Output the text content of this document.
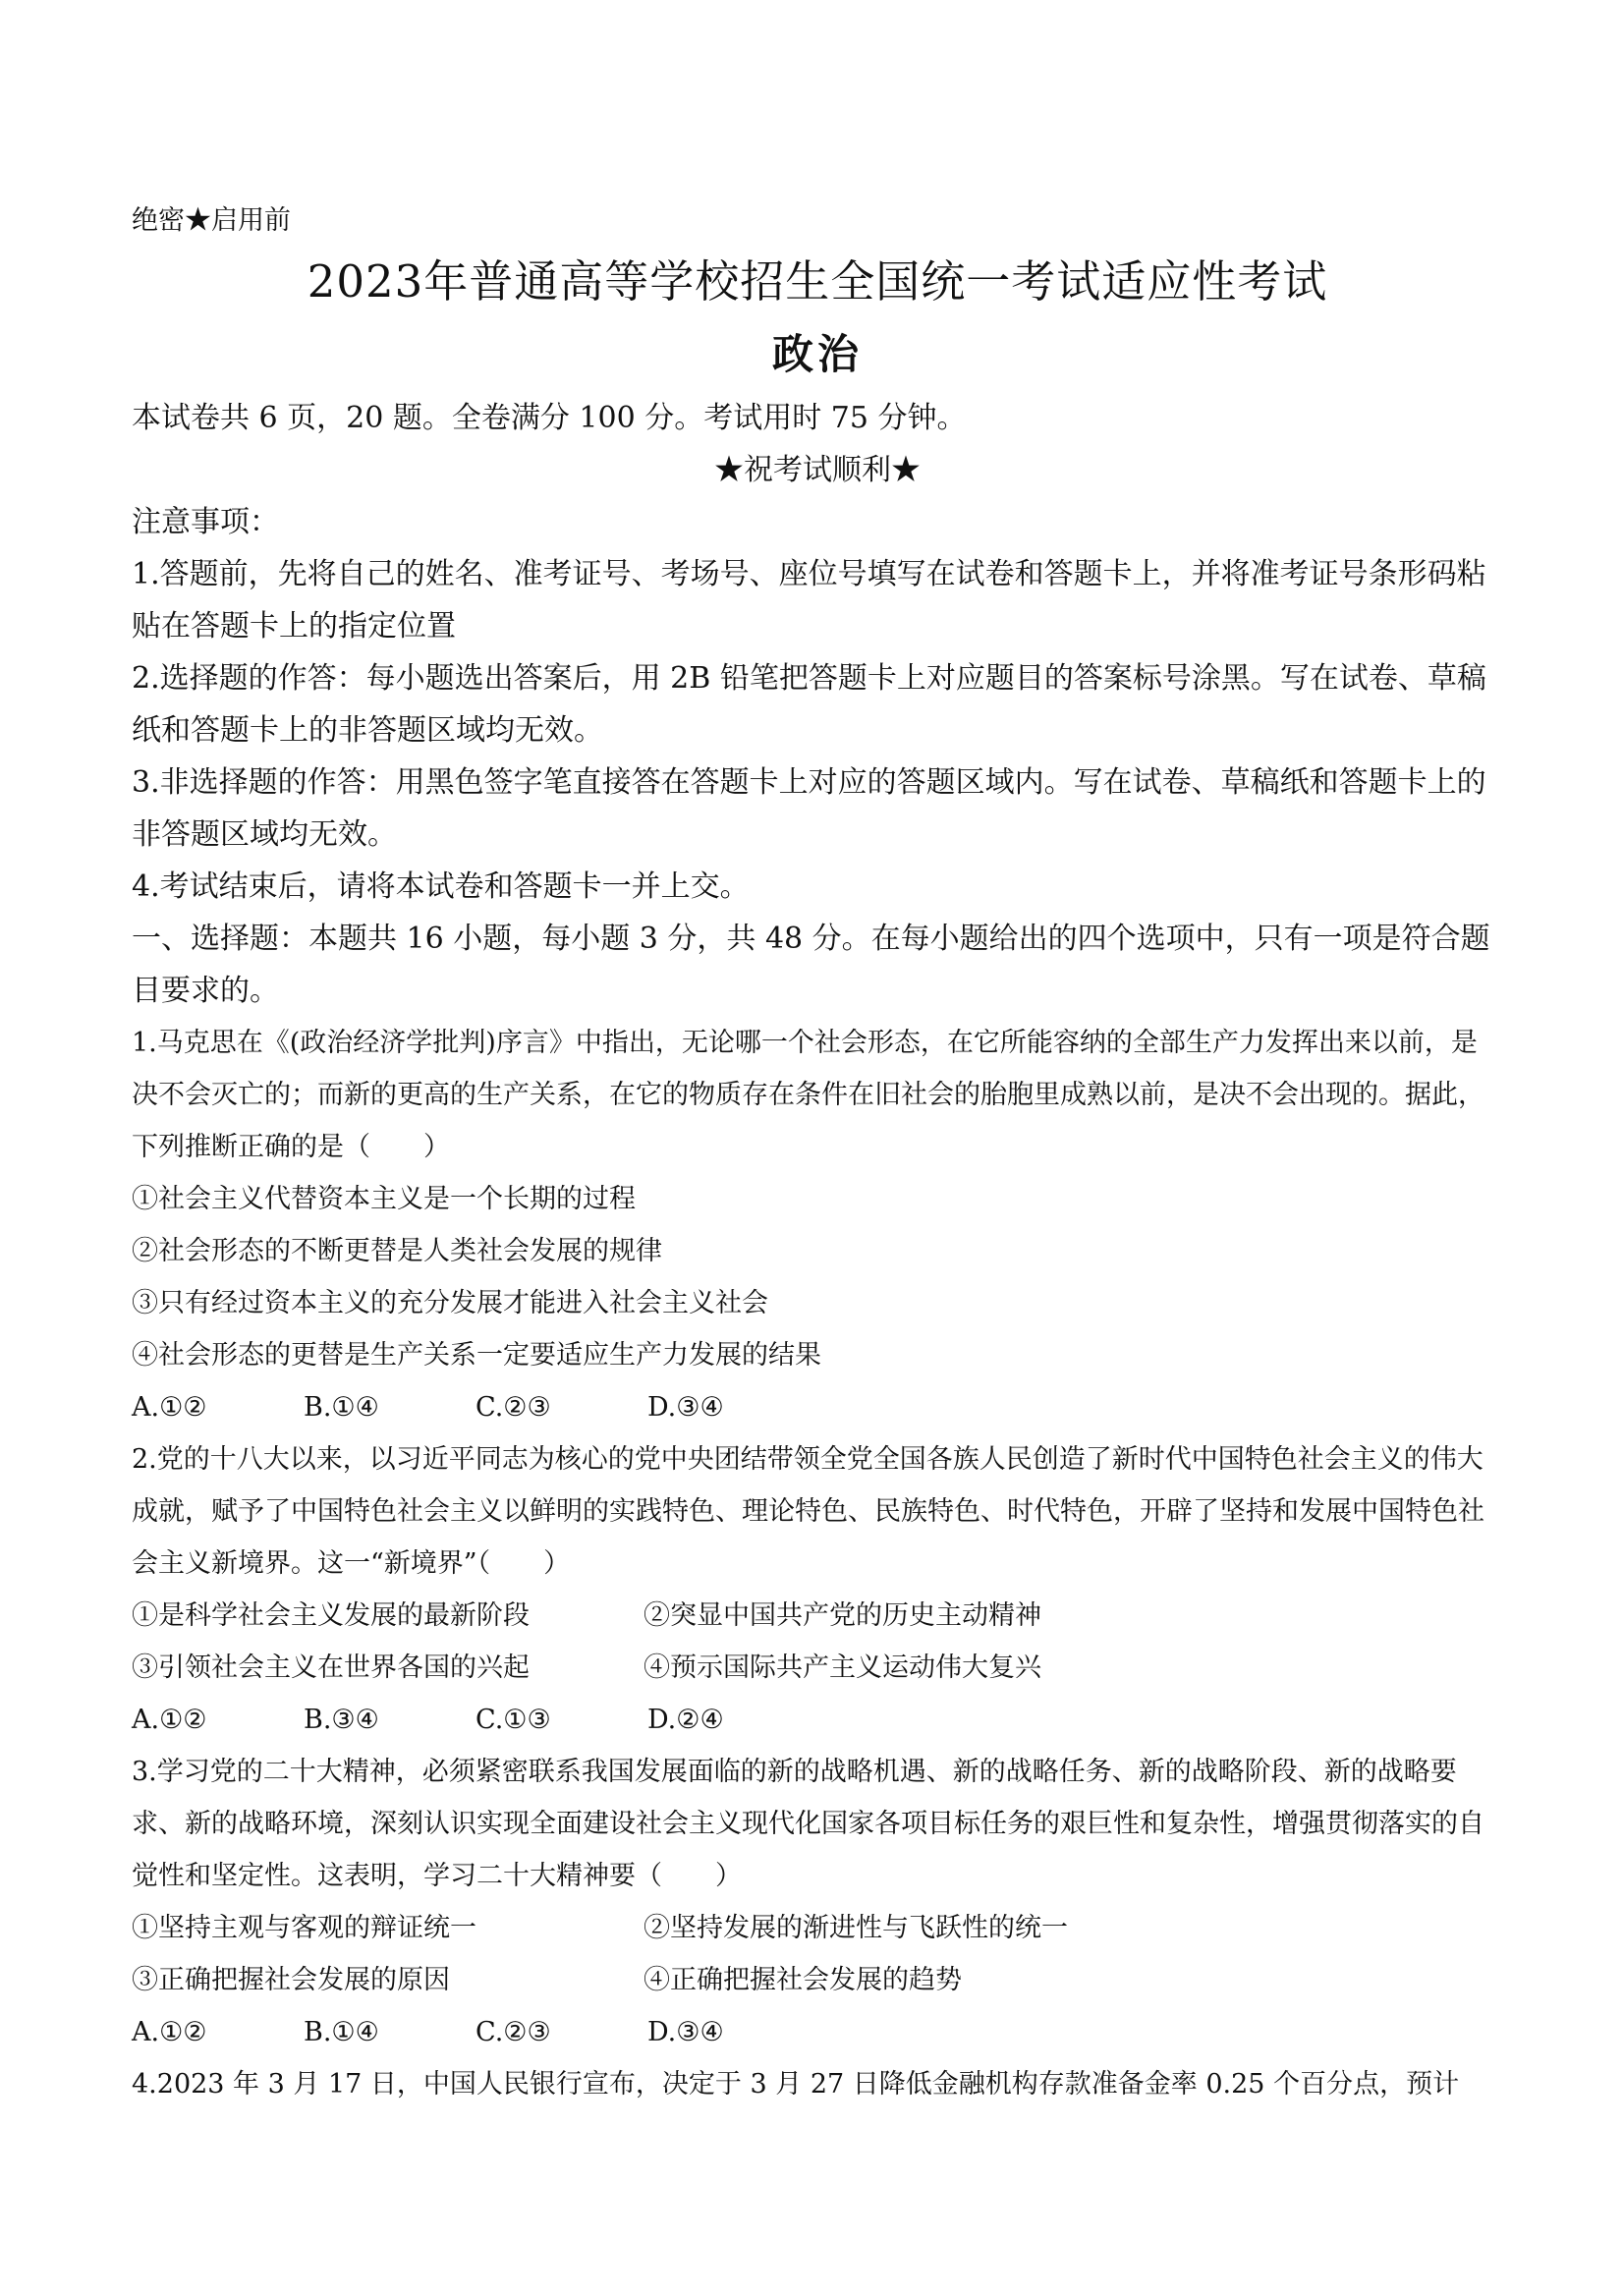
绝密★启用前

2023年普通高等学校招生全国统一考试适应性考试
政治

本试卷共 6 页，20 题。全卷满分 100 分。考试用时 75 分钟。

★祝考试顺利★

注意事项：

1.答题前，先将自己的姓名、准考证号、考场号、座位号填写在试卷和答题卡上，并将准考证号条形码粘贴在答题卡上的指定位置

2.选择题的作答：每小题选出答案后，用 2B 铅笔把答题卡上对应题目的答案标号涂黑。写在试卷、草稿纸和答题卡上的非答题区域均无效。

3.非选择题的作答：用黑色签字笔直接答在答题卡上对应的答题区域内。写在试卷、草稿纸和答题卡上的非答题区域均无效。

4.考试结束后，请将本试卷和答题卡一并上交。

一、选择题：本题共 16 小题，每小题 3 分，共 48 分。在每小题给出的四个选项中，只有一项是符合题目要求的。

1.马克思在《(政治经济学批判)序言》中指出，无论哪一个社会形态，在它所能容纳的全部生产力发挥出来以前，是决不会灭亡的；而新的更高的生产关系，在它的物质存在条件在旧社会的胎胞里成熟以前，是决不会出现的。据此，下列推断正确的是（　　）

①社会主义代替资本主义是一个长期的过程

②社会形态的不断更替是人类社会发展的规律

③只有经过资本主义的充分发展才能进入社会主义社会

④社会形态的更替是生产关系一定要适应生产力发展的结果

A.①②	B.①④	C.②③	D.③④

2.党的十八大以来，以习近平同志为核心的党中央团结带领全党全国各族人民创造了新时代中国特色社会主义的伟大成就，赋予了中国特色社会主义以鲜明的实践特色、理论特色、民族特色、时代特色，开辟了坚持和发展中国特色社会主义新境界。这一“新境界”（　　）

①是科学社会主义发展的最新阶段	②突显中国共产党的历史主动精神
③引领社会主义在世界各国的兴起	④预示国际共产主义运动伟大复兴
A.①②	B.③④	C.①③	D.②④

3.学习党的二十大精神，必须紧密联系我国发展面临的新的战略机遇、新的战略任务、新的战略阶段、新的战略要求、新的战略环境，深刻认识实现全面建设社会主义现代化国家各项目标任务的艰巨性和复杂性，增强贯彻落实的自觉性和坚定性。这表明，学习二十大精神要（　　）

①坚持主观与客观的辩证统一	②坚持发展的渐进性与飞跃性的统一
③正确把握社会发展的原因	④正确把握社会发展的趋势
A.①②	B.①④	C.②③	D.③④

4.2023 年 3 月 17 日，中国人民银行宣布，决定于 3 月 27 日降低金融机构存款准备金率 0.25 个百分点，预计
